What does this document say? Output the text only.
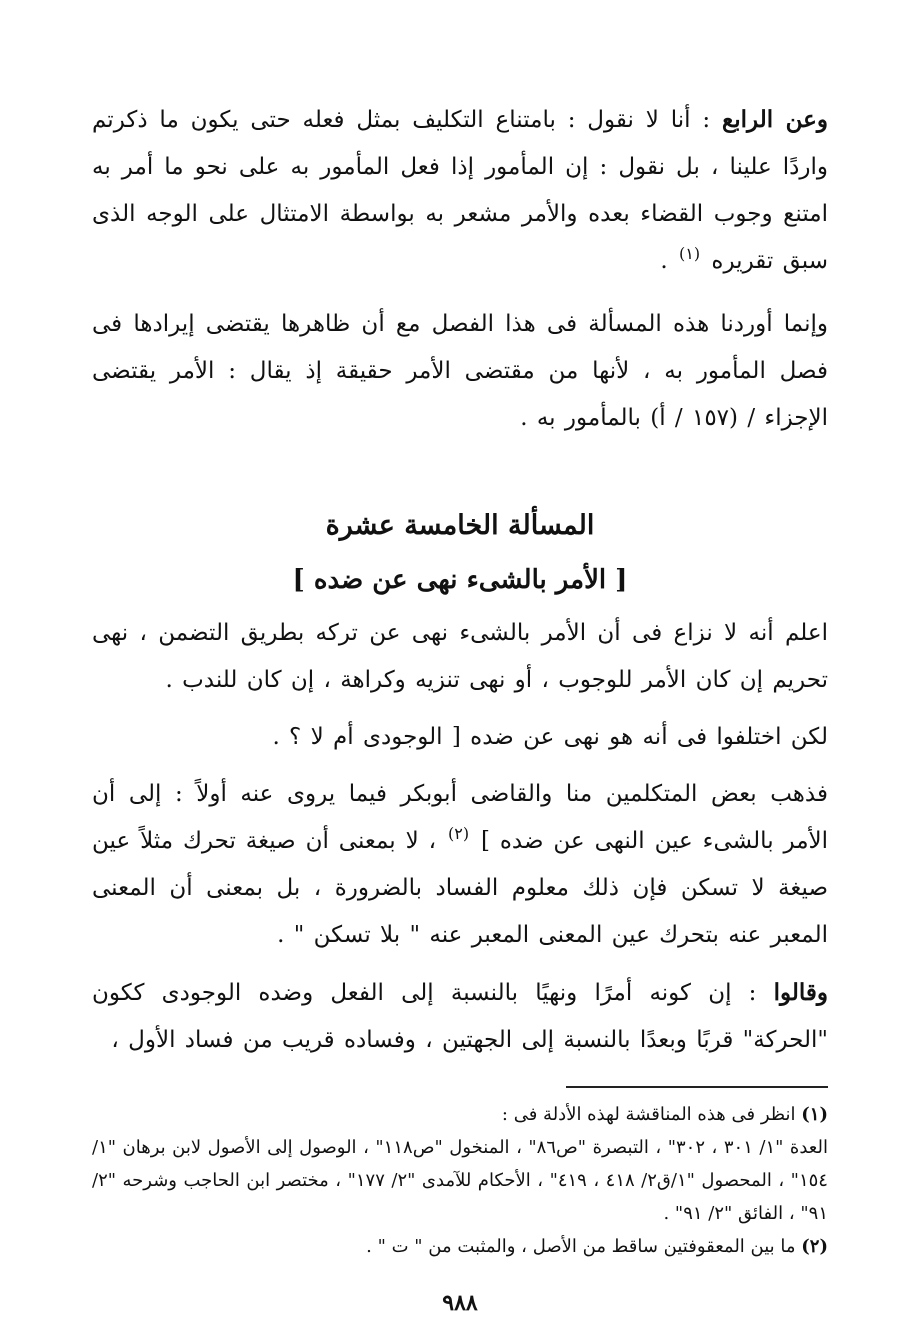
وعن الرابع : أنا لا نقول : بامتناع التكليف بمثل فعله حتى يكون ما ذكرتم واردًا علينا ، بل نقول : إن المأمور إذا فعل المأمور به على نحو ما أمر به امتنع وجوب القضاء بعده والأمر مشعر به بواسطة الامتثال على الوجه الذى سبق تقريره $^{(١)}$ .

وإنما أوردنا هذه المسألة فى هذا الفصل مع أن ظاهرها يقتضى إيرادها فى فصل المأمور به ، لأنها من مقتضى الأمر حقيقة إذ يقال : الأمر يقتضى الإجزاء / (١٥٧ / أ) بالمأمور به .

المسألة الخامسة عشرة
[ الأمر بالشىء نهى عن ضده ]

اعلم أنه لا نزاع فى أن الأمر بالشىء نهى عن تركه بطريق التضمن ، نهى تحريم إن كان الأمر للوجوب ، أو نهى تنزيه وكراهة ، إن كان للندب .

لكن اختلفوا فى أنه هو نهى عن ضده [ الوجودى أم لا ؟ .

فذهب بعض المتكلمين منا والقاضى أبوبكر فيما يروى عنه أولاً : إلى أن الأمر بالشىء عين النهى عن ضده ] $^{(٢)}$ ، لا بمعنى أن صيغة تحرك مثلاً عين صيغة لا تسكن فإن ذلك معلوم الفساد بالضرورة ، بل بمعنى أن المعنى المعبر عنه بتحرك عين المعنى المعبر عنه " بلا تسكن " .

وقالوا : إن كونه أمرًا ونهيًا بالنسبة إلى الفعل وضده الوجودى ككون "الحركة" قربًا وبعدًا بالنسبة إلى الجهتين ، وفساده قريب من فساد الأول ،

(١) انظر فى هذه المناقشة لهذه الأدلة فى :

العدة "١/ ٣٠١ ، ٣٠٢" ، التبصرة "ص٨٦" ، المنخول "ص١١٨" ، الوصول إلى الأصول لابن برهان "١/ ١٥٤" ، المحصول "١/ق٢/ ٤١٨ ، ٤١٩" ، الأحكام للآمدى "٢/ ١٧٧" ، مختصر ابن الحاجب وشرحه "٢/ ٩١" ، الفائق "٢/ ٩١" .

(٢) ما بين المعقوفتين ساقط من الأصل ، والمثبت من " ت " .

٩٨٨
